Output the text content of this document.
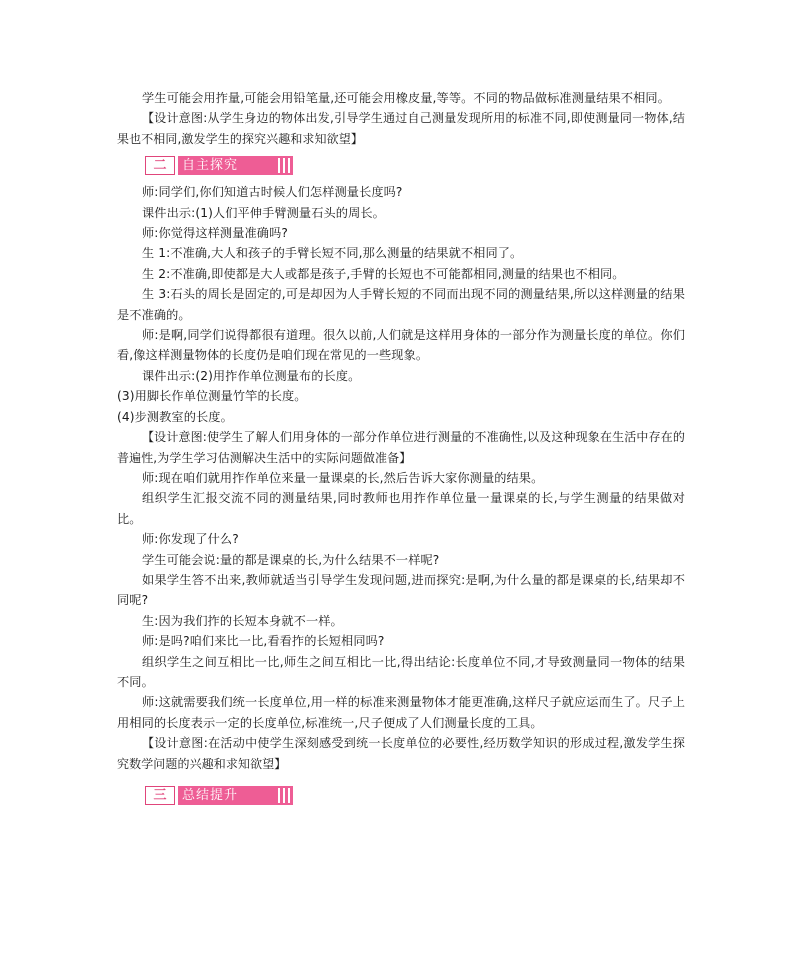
学生可能会用拃量,可能会用铅笔量,还可能会用橡皮量,等等。不同的物品做标准测量结果不相同。

【设计意图:从学生身边的物体出发,引导学生通过自己测量发现所用的标准不同,即使测量同一物体,结果也不相同,激发学生的探究兴趣和求知欲望】

二	自主探究

师:同学们,你们知道古时候人们怎样测量长度吗?

课件出示:(1)人们平伸手臂测量石头的周长。

师:你觉得这样测量准确吗?

生 1:不准确,大人和孩子的手臂长短不同,那么测量的结果就不相同了。

生 2:不准确,即使都是大人或都是孩子,手臂的长短也不可能都相同,测量的结果也不相同。

生 3:石头的周长是固定的,可是却因为人手臂长短的不同而出现不同的测量结果,所以这样测量的结果是不准确的。

师:是啊,同学们说得都很有道理。很久以前,人们就是这样用身体的一部分作为测量长度的单位。你们看,像这样测量物体的长度仍是咱们现在常见的一些现象。

课件出示:(2)用拃作单位测量布的长度。

(3)用脚长作单位测量竹竿的长度。

(4)步测教室的长度。

【设计意图:使学生了解人们用身体的一部分作单位进行测量的不准确性,以及这种现象在生活中存在的普遍性,为学生学习估测解决生活中的实际问题做准备】

师:现在咱们就用拃作单位来量一量课桌的长,然后告诉大家你测量的结果。

组织学生汇报交流不同的测量结果,同时教师也用拃作单位量一量课桌的长,与学生测量的结果做对比。

师:你发现了什么?

学生可能会说:量的都是课桌的长,为什么结果不一样呢?

如果学生答不出来,教师就适当引导学生发现问题,进而探究:是啊,为什么量的都是课桌的长,结果却不同呢?

生:因为我们拃的长短本身就不一样。

师:是吗?咱们来比一比,看看拃的长短相同吗?

组织学生之间互相比一比,师生之间互相比一比,得出结论:长度单位不同,才导致测量同一物体的结果不同。

师:这就需要我们统一长度单位,用一样的标准来测量物体才能更准确,这样尺子就应运而生了。尺子上用相同的长度表示一定的长度单位,标准统一,尺子便成了人们测量长度的工具。

【设计意图:在活动中使学生深刻感受到统一长度单位的必要性,经历数学知识的形成过程,激发学生探究数学问题的兴趣和求知欲望】

三	总结提升
